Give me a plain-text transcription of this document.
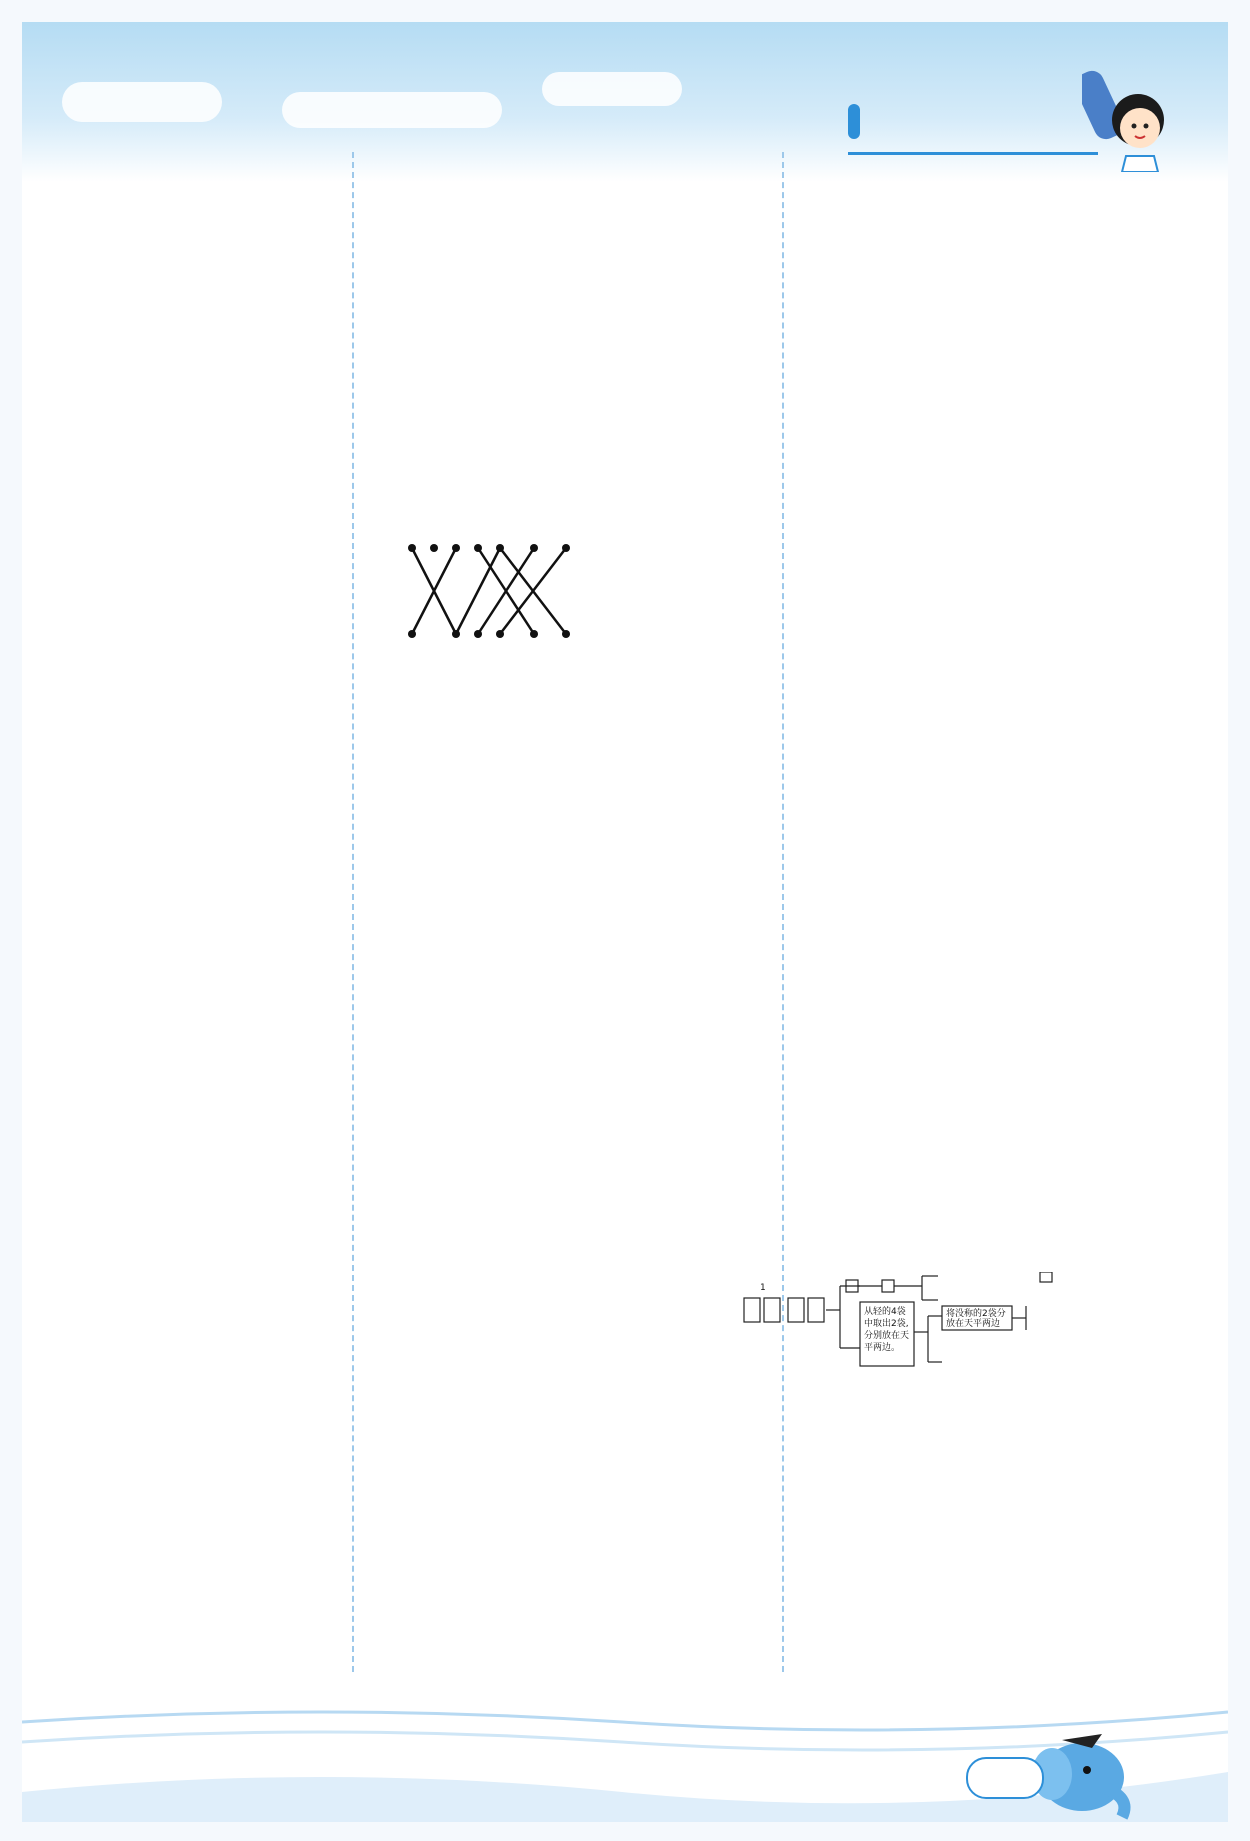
1
从轻的4袋
中取出2袋,
分别放在天
平两边。
将没称的2袋分
放在天平两边
